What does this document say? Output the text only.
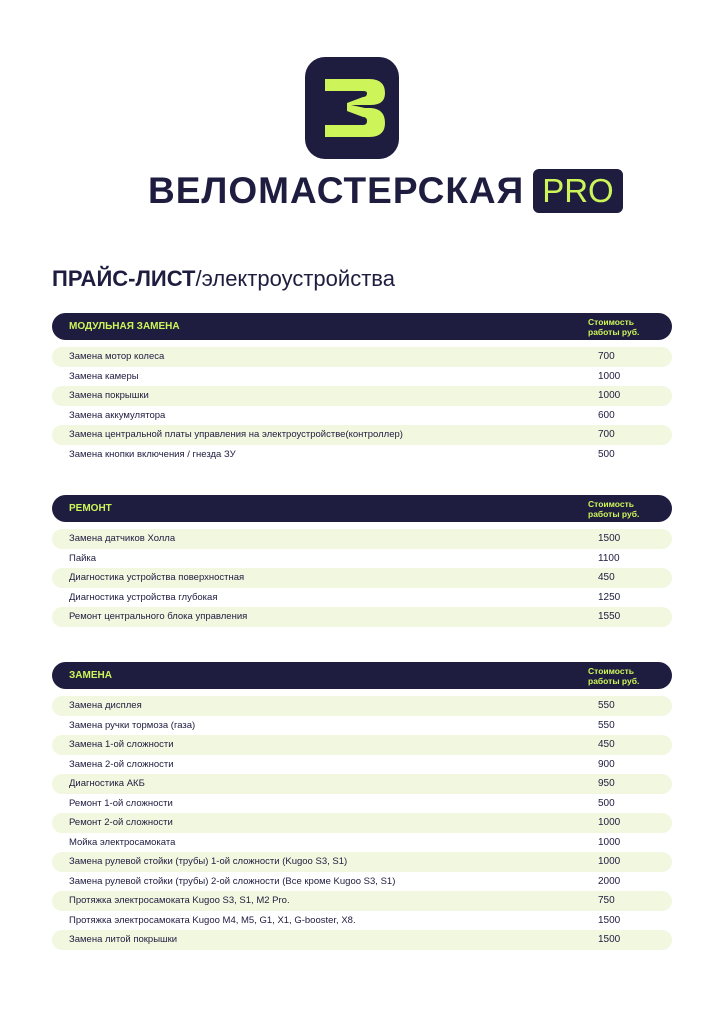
ВЕЛОМАСТЕРСКАЯ PRO
ПРАЙС-ЛИСТ/электроустройства
МОДУЛЬНАЯ ЗАМЕНА	Стоимость работы руб.
Замена мотор колеса	700
Замена камеры	1000
Замена покрышки	1000
Замена аккумулятора	600
Замена центральной платы управления на электроустройстве(контроллер)	700
Замена кнопки включения / гнезда ЗУ	500
РЕМОНТ	Стоимость работы руб.
Замена датчиков Холла	1500
Пайка	1100
Диагностика устройства поверхностная	450
Диагностика устройства глубокая	1250
Ремонт центрального блока управления	1550
ЗАМЕНА	Стоимость работы руб.
Замена дисплея	550
Замена ручки тормоза (газа)	550
Замена 1-ой сложности	450
Замена 2-ой сложности	900
Диагностика АКБ	950
Ремонт 1-ой сложности	500
Ремонт 2-ой сложности	1000
Мойка электросамоката	1000
Замена рулевой стойки (трубы) 1-ой сложности (Kugoo S3, S1)	1000
Замена рулевой стойки (трубы) 2-ой сложности (Все кроме Kugoo S3, S1)	2000
Протяжка электросамоката Kugoo S3, S1, M2 Pro.	750
Протяжка электросамоката Kugoo M4, M5, G1, X1, G-booster, X8.	1500
Замена литой покрышки	1500
